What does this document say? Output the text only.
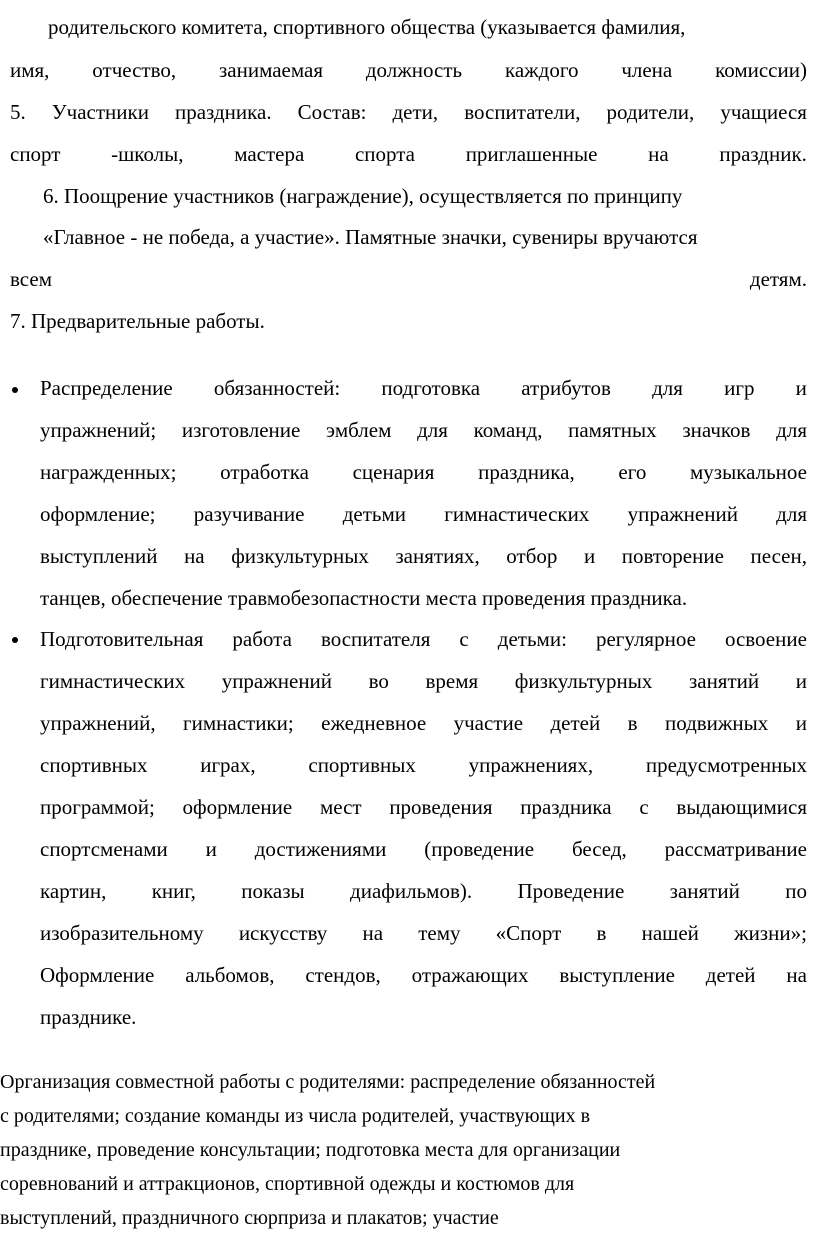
родительского комитета, спортивного общества (указывается фамилия,
имя, отчество, занимаемая должность каждого члена комиссии)
5. Участники праздника. Состав: дети, воспитатели, родители, учащиеся
спорт -школы, мастера спорта приглашенные на праздник.
6. Поощрение участников (награждение), осуществляется по принципу
«Главное - не победа, а участие». Памятные значки, сувениры вручаются
всем	детям.
7. Предварительные работы.
Распределение обязанностей: подготовка атрибутов для игр и
упражнений; изготовление эмблем для команд, памятных значков для
награжденных; отработка сценария праздника, его музыкальное
оформление; разучивание детьми гимнастических упражнений для
выступлений на физкультурных занятиях, отбор и повторение песен,
танцев, обеспечение травмобезопастности места проведения праздника.
Подготовительная работа воспитателя с детьми: регулярное освоение
гимнастических упражнений во время физкультурных занятий и
упражнений, гимнастики; ежедневное участие детей в подвижных и
спортивных	играх,	спортивных	упражнениях,	предусмотренных
программой; оформление мест проведения праздника с выдающимися
спортсменами и достижениями (проведение бесед, рассматривание
картин, книг, показы диафильмов). Проведение занятий по
изобразительному искусству на тему «Спорт в нашей жизни»;
Оформление альбомов, стендов, отражающих выступление детей на
празднике.
Организация совместной работы с родителями: распределение обязанностей
с родителями; создание команды из числа родителей, участвующих в
празднике, проведение консультации; подготовка места для организации
соревнований и аттракционов, спортивной одежды и костюмов для
выступлений, праздничного сюрприза и плакатов; участие
